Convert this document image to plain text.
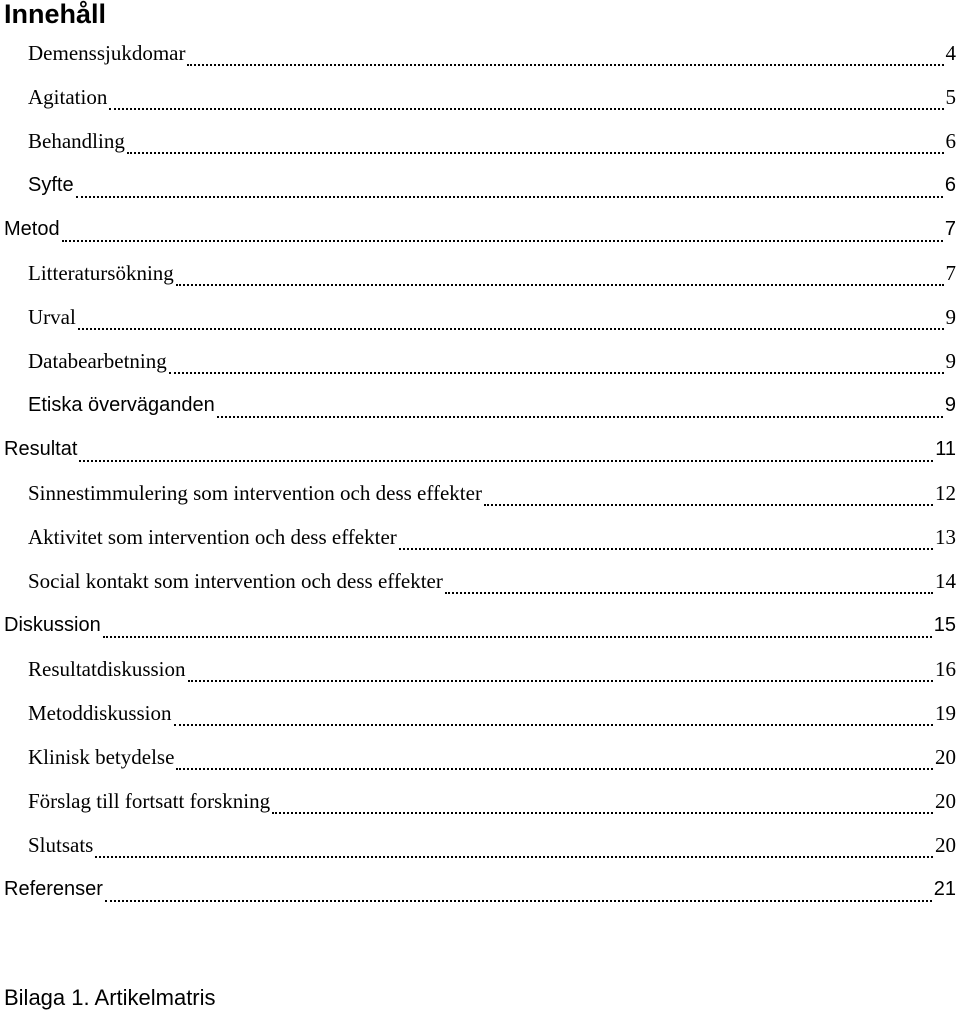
Innehåll
Demenssjukdomar	4
Agitation	5
Behandling	6
Syfte	6
Metod	7
Litteratursökning	7
Urval	9
Databearbetning	9
Etiska överväganden	9
Resultat	11
Sinnestimmulering som intervention och dess effekter	12
Aktivitet som intervention och dess effekter	13
Social kontakt som intervention och dess effekter	14
Diskussion	15
Resultatdiskussion	16
Metoddiskussion	19
Klinisk betydelse	20
Förslag till fortsatt forskning	20
Slutsats	20
Referenser	21
Bilaga 1. Artikelmatris
